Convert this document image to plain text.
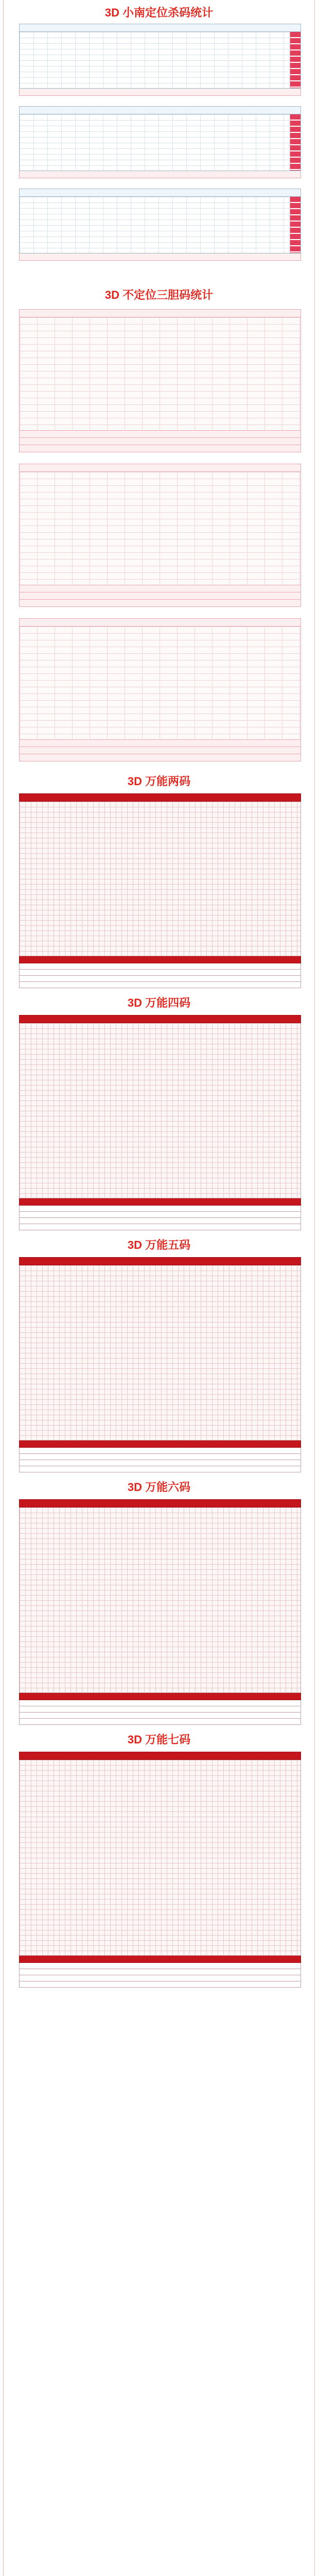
3D 小南定位杀码统计
3D 不定位三胆码统计
3D 万能两码
3D 万能四码
3D 万能五码
3D 万能六码
3D 万能七码
